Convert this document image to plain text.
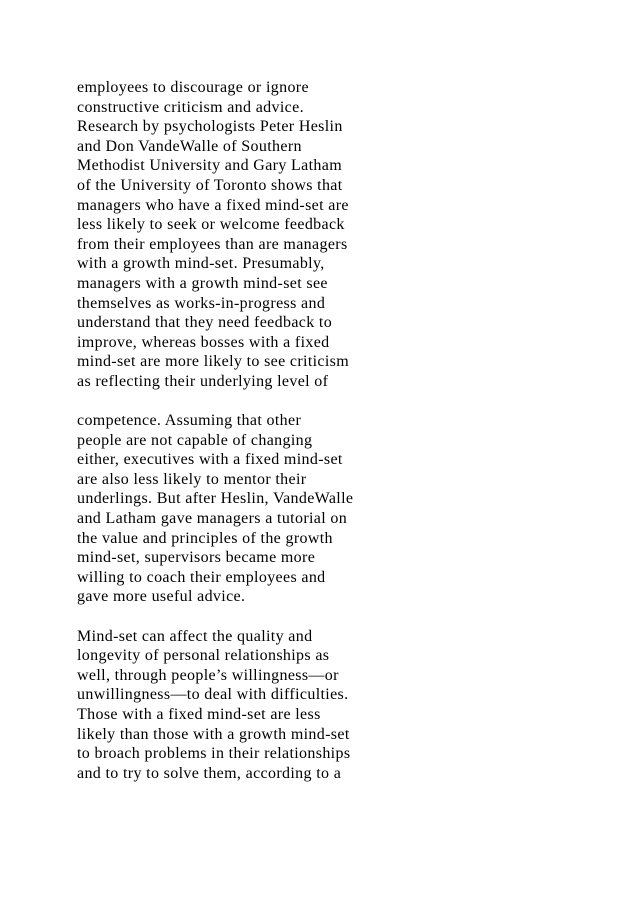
employees to discourage or ignore
constructive criticism and advice.
Research by psychologists Peter Heslin
and Don VandeWalle of Southern
Methodist University and Gary Latham
of the University of Toronto shows that
managers who have a fixed mind-set are
less likely to seek or welcome feedback
from their employees than are managers
with a growth mind-set. Presumably,
managers with a growth mind-set see
themselves as works-in-progress and
understand that they need feedback to
improve, whereas bosses with a fixed
mind-set are more likely to see criticism
as reflecting their underlying level of

competence. Assuming that other
people are not capable of changing
either, executives with a fixed mind-set
are also less likely to mentor their
underlings. But after Heslin, VandeWalle
and Latham gave managers a tutorial on
the value and principles of the growth
mind-set, supervisors became more
willing to coach their employees and
gave more useful advice.

Mind-set can affect the quality and
longevity of personal relationships as
well, through people’s willingness—or
unwillingness—to deal with difficulties.
Those with a fixed mind-set are less
likely than those with a growth mind-set
to broach problems in their relationships
and to try to solve them, according to a
